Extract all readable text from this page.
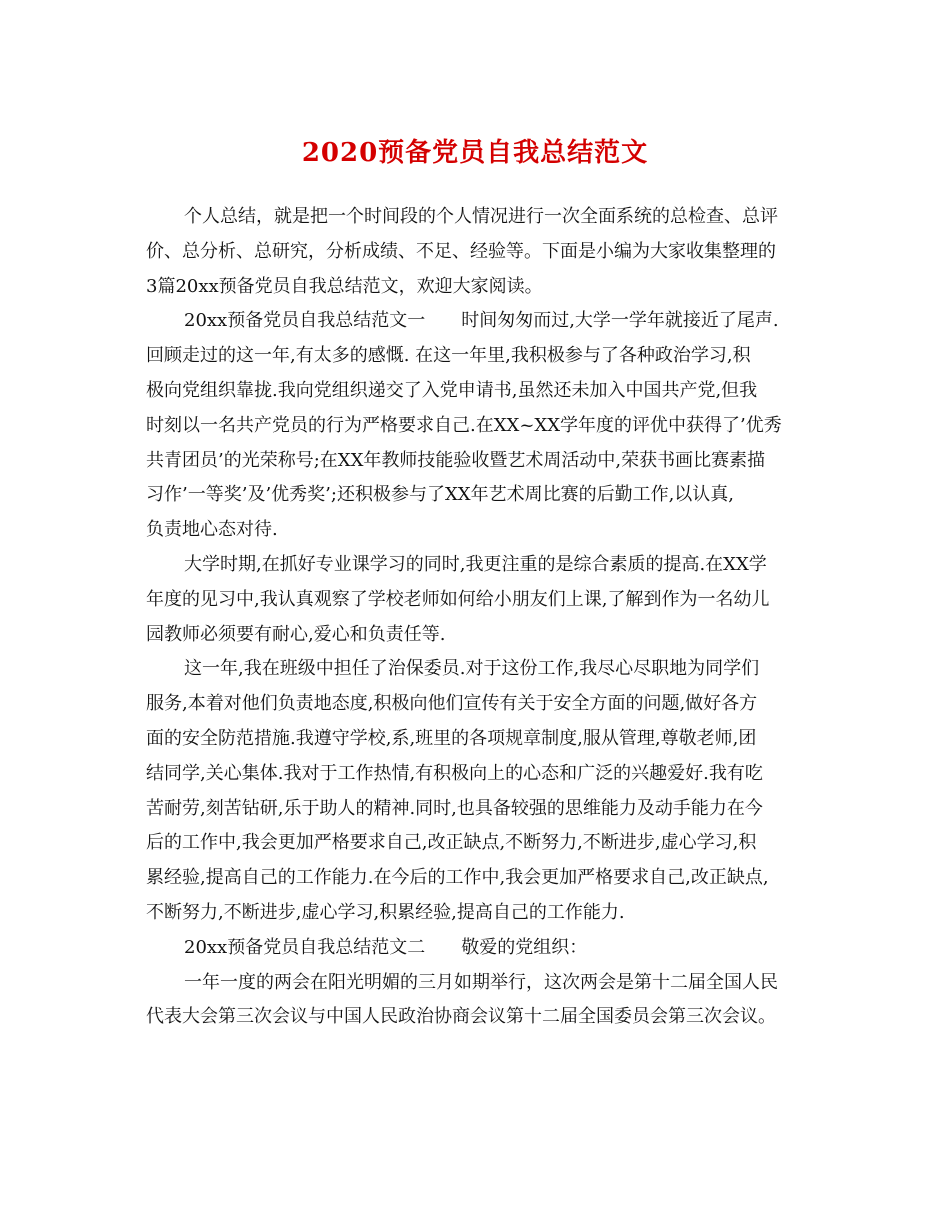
2020预备党员自我总结范文
个人总结，就是把一个时间段的个人情况进行一次全面系统的总检查、总评
价、总分析、总研究，分析成绩、不足、经验等。下面是小编为大家收集整理的
3篇20xx预备党员自我总结范文，欢迎大家阅读。
20xx预备党员自我总结范文一　　时间匆匆而过,大学一学年就接近了尾声.
回顾走过的这一年,有太多的感慨. 在这一年里,我积极参与了各种政治学习,积
极向党组织靠拢.我向党组织递交了入党申请书,虽然还未加入中国共产党,但我
时刻以一名共产党员的行为严格要求自己.在XX~XX学年度的评优中获得了’优秀
共青团员’的光荣称号;在XX年教师技能验收暨艺术周活动中,荣获书画比赛素描
习作’一等奖’及’优秀奖’;还积极参与了XX年艺术周比赛的后勤工作,以认真,
负责地心态对待.
大学时期,在抓好专业课学习的同时,我更注重的是综合素质的提高.在XX学
年度的见习中,我认真观察了学校老师如何给小朋友们上课,了解到作为一名幼儿
园教师必须要有耐心,爱心和负责任等.
这一年,我在班级中担任了治保委员.对于这份工作,我尽心尽职地为同学们
服务,本着对他们负责地态度,积极向他们宣传有关于安全方面的问题,做好各方
面的安全防范措施.我遵守学校,系,班里的各项规章制度,服从管理,尊敬老师,团
结同学,关心集体.我对于工作热情,有积极向上的心态和广泛的兴趣爱好.我有吃
苦耐劳,刻苦钻研,乐于助人的精神.同时,也具备较强的思维能力及动手能力在今
后的工作中,我会更加严格要求自己,改正缺点,不断努力,不断进步,虚心学习,积
累经验,提高自己的工作能力.在今后的工作中,我会更加严格要求自己,改正缺点,
不断努力,不断进步,虚心学习,积累经验,提高自己的工作能力.
20xx预备党员自我总结范文二　　敬爱的党组织：
一年一度的两会在阳光明媚的三月如期举行，这次两会是第十二届全国人民
代表大会第三次会议与中国人民政治协商会议第十二届全国委员会第三次会议。
